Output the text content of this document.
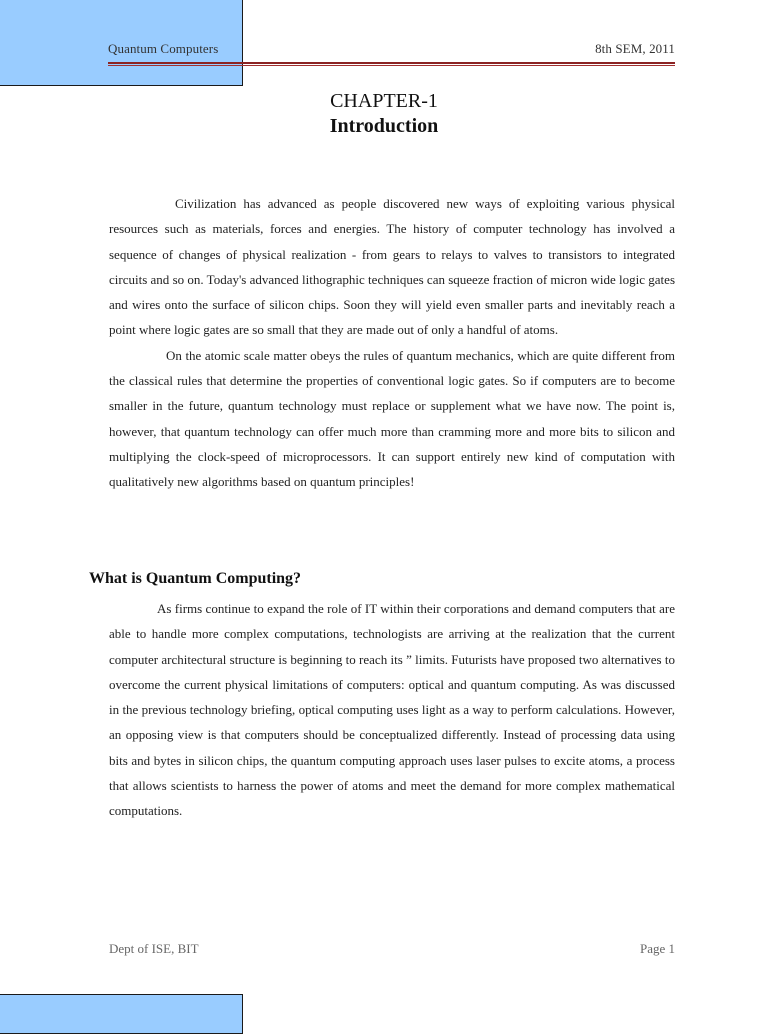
Quantum Computers	8th SEM, 2011
CHAPTER-1
Introduction

Civilization has advanced as people discovered new ways of exploiting various physical resources such as materials, forces and energies. The history of computer technology has involved a sequence of changes of physical realization - from gears to relays to valves to transistors to integrated circuits and so on. Today's advanced lithographic techniques can squeeze fraction of micron wide logic gates and wires onto the surface of silicon chips. Soon they will yield even smaller parts and inevitably reach a point where logic gates are so small that they are made out of only a handful of atoms.

On the atomic scale matter obeys the rules of quantum mechanics, which are quite different from the classical rules that determine the properties of conventional logic gates. So if computers are to become smaller in the future, quantum technology must replace or supplement what we have now. The point is, however, that quantum technology can offer much more than cramming more and more bits to silicon and multiplying the clock-speed of microprocessors. It can support entirely new kind of computation with qualitatively new algorithms based on quantum principles!

What is Quantum Computing?

As firms continue to expand the role of IT within their corporations and demand computers that are able to handle more complex computations, technologists are arriving at the realization that the current computer architectural structure is beginning to reach its ” limits. Futurists have proposed two alternatives to overcome the current physical limitations of computers: optical and quantum computing. As was discussed in the previous technology briefing, optical computing uses light as a way to perform calculations. However, an opposing view is that computers should be conceptualized differently. Instead of processing data using bits and bytes in silicon chips, the quantum computing approach uses laser pulses to excite atoms, a process that allows scientists to harness the power of atoms and meet the demand for more complex mathematical computations.

Dept of ISE, BIT	Page 1
